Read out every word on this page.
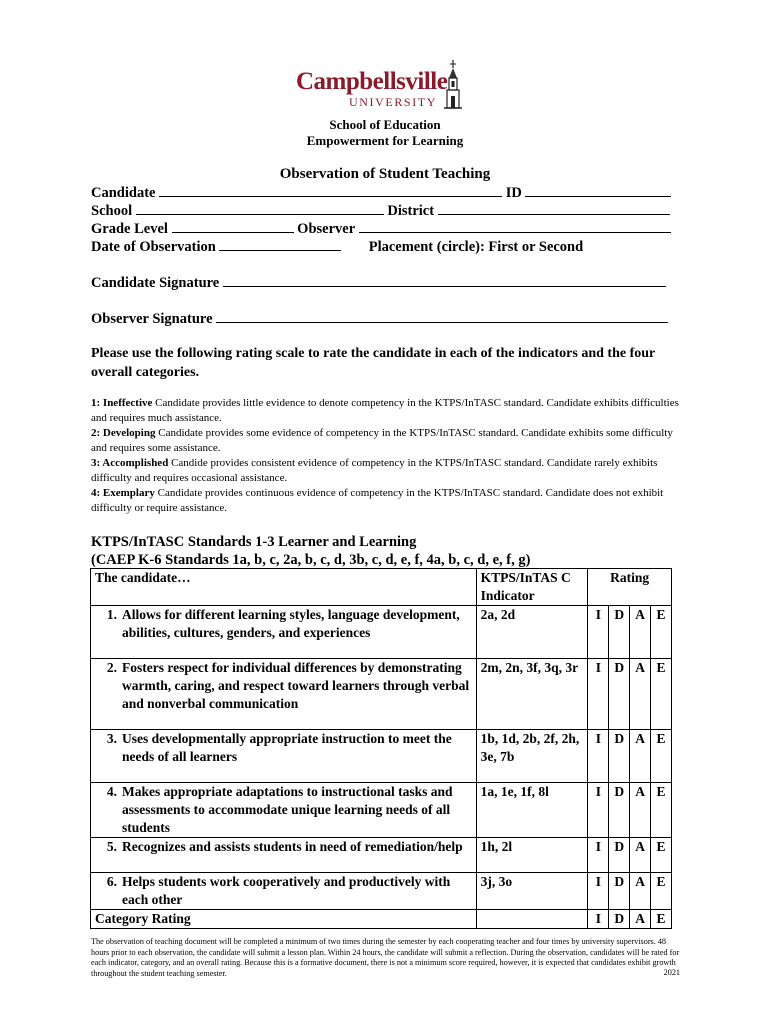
Campbellsville
UNIVERSITY
School of Education
Empowerment for Learning
Observation of Student Teaching
Candidate	ID
School	District
Grade Level	Observer
Date of Observation	Placement (circle): First or Second
Candidate Signature
Observer Signature
Please use the following rating scale to rate the candidate in each of the indicators and the four overall categories.

1: Ineffective Candidate provides little evidence to denote competency in the KTPS/InTASC standard. Candidate exhibits difficulties and requires much assistance.

2: Developing Candidate provides some evidence of competency in the KTPS/InTASC standard. Candidate exhibits some difficulty and requires some assistance.

3: Accomplished Candide provides consistent evidence of competency in the KTPS/InTASC standard. Candidate rarely exhibits difficulty and requires occasional assistance.

4: Exemplary Candidate provides continuous evidence of competency in the KTPS/InTASC standard. Candidate does not exhibit difficulty or require assistance.

KTPS/InTASC Standards 1-3 Learner and Learning
(CAEP K-6 Standards 1a, b, c, 2a, b, c, d, 3b, c, d, e, f, 4a, b, c, d, e, f, g)
The candidate…	KTPS/InTAS C Indicator	Rating			

1. Allows for different learning styles, language development, abilities, cultures, genders, and experiences	2a, 2d	I	D	A	E

2. Fosters respect for individual differences by demonstrating warmth, caring, and respect toward learners through verbal and nonverbal communication	2m, 2n, 3f, 3q, 3r	I	D	A	E

3. Uses developmentally appropriate instruction to meet the needs of all learners	1b, 1d, 2b, 2f, 2h, 3e, 7b	I	D	A	E

4. Makes appropriate adaptations to instructional tasks and assessments to accommodate unique learning needs of all students	1a, 1e, 1f, 8l	I	D	A	E

5. Recognizes and assists students in need of remediation/help	1h, 2l	I	D	A	E

6. Helps students work cooperatively and productively with each other	3j, 3o	I	D	A	E
Category Rating		I	D	A	E
The observation of teaching document will be completed a minimum of two times during the semester by each cooperating teacher and four times by university supervisors. 48 hours prior to each observation, the candidate will submit a lesson plan. Within 24 hours, the candidate will submit a reflection. During the observation, candidates will be rated for each indicator, category, and an overall rating. Because this is a formative document, there is not a minimum score required, however, it is expected that candidates exhibit growth throughout the student teaching semester.	2021
